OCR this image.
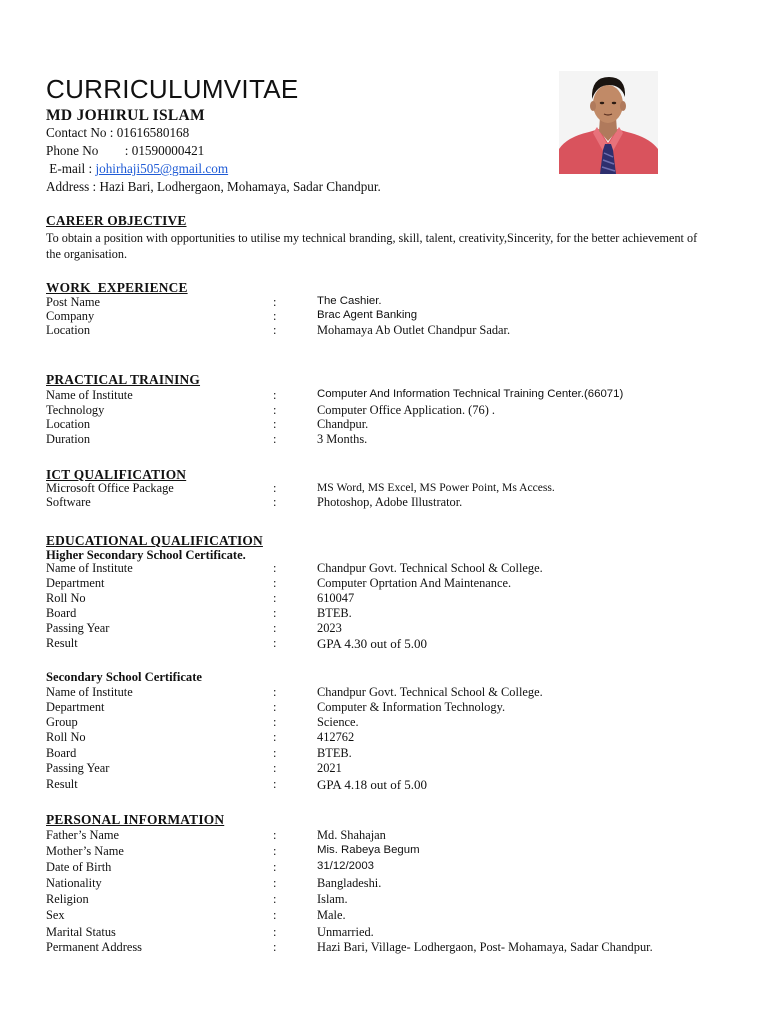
CURRICULUMVITAE
MD JOHIRUL ISLAM
Contact No : 01616580168
Phone No        : 01590000421
E-mail : johirhaji505@gmail.com
Address : Hazi Bari, Lodhergaon, Mohamaya, Sadar Chandpur.
CAREER OBJECTIVE
To obtain a position with opportunities to utilise my technical branding, skill, talent, creativity,Sincerity, for the better achievement of the organisation.
WORK  EXPERIENCE
Post Name	:	The Cashier.
Company	:	Brac Agent Banking
Location	:	Mohamaya Ab Outlet Chandpur Sadar.
PRACTICAL TRAINING
Name of Institute	:	Computer And Information Technical Training Center.(66071)
Technology	:	Computer Office Application. (76) .
Location	:	Chandpur.
Duration	:	3 Months.
ICT QUALIFICATION
Microsoft Office Package	:	MS Word, MS Excel, MS Power Point, Ms Access.
Software	:	Photoshop, Adobe Illustrator.
EDUCATIONAL QUALIFICATION
Higher Secondary School Certificate.
Name of Institute	:	Chandpur Govt. Technical School & College.
Department	:	Computer Oprtation And Maintenance.
Roll No	:	610047
Board	:	BTEB.
Passing Year	:	2023
Result	:	GPA 4.30 out of 5.00
Secondary School Certificate
Name of Institute	:	Chandpur Govt. Technical School & College.
Department	:	Computer & Information Technology.
Group	:	Science.
Roll No	:	412762
Board	:	BTEB.
Passing Year	:	2021
Result	:	GPA 4.18 out of 5.00
PERSONAL INFORMATION
Father’s Name	:	Md. Shahajan
Mother’s Name	:	Mis. Rabeya Begum
Date of Birth	:	31/12/2003
Nationality	:	Bangladeshi.
Religion	:	Islam.
Sex	:	Male.
Marital Status	:	Unmarried.
Permanent Address	:	Hazi Bari, Village- Lodhergaon, Post- Mohamaya, Sadar Chandpur.
